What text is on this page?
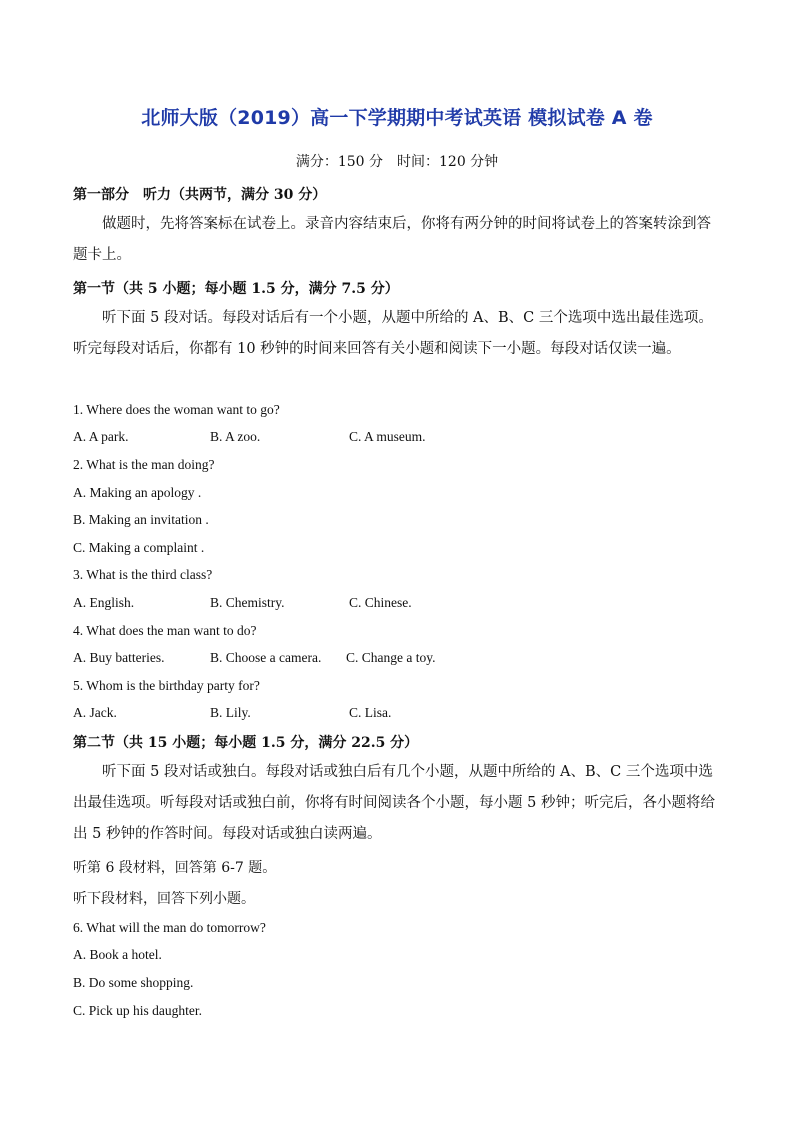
北师大版（2019）高一下学期期中考试英语 模拟试卷 A 卷
满分：150 分　时间：120 分钟
第一部分　听力（共两节，满分 30 分）
做题时，先将答案标在试卷上。录音内容结束后，你将有两分钟的时间将试卷上的答案转涂到答题卡上。
第一节（共 5 小题；每小题 1.5 分，满分 7.5 分）
听下面 5 段对话。每段对话后有一个小题，从题中所给的 A、B、C 三个选项中选出最佳选项。听完每段对话后，你都有 10 秒钟的时间来回答有关小题和阅读下一小题。每段对话仅读一遍。
1. Where does the woman want to go?
A. A park.	B. A zoo.	C. A museum.
2. What is the man doing?
A. Making an apology .
B. Making an invitation .
C. Making a complaint .
3. What is the third class?
A. English.	B. Chemistry.	C. Chinese.
4. What does the man want to do?
A. Buy batteries.	B. Choose a camera. C. Change a toy.
5. Whom is the birthday party for?
A. Jack.	B. Lily.	C. Lisa.
第二节（共 15 小题；每小题 1.5 分，满分 22.5 分）
听下面 5 段对话或独白。每段对话或独白后有几个小题，从题中所给的 A、B、C 三个选项中选出最佳选项。听每段对话或独白前，你将有时间阅读各个小题，每小题 5 秒钟；听完后，各小题将给出 5 秒钟的作答时间。每段对话或独白读两遍。
听第 6 段材料，回答第 6-7 题。
听下段材料，回答下列小题。
6. What will the man do tomorrow?
A. Book a hotel.
B. Do some shopping.
C. Pick up his daughter.
